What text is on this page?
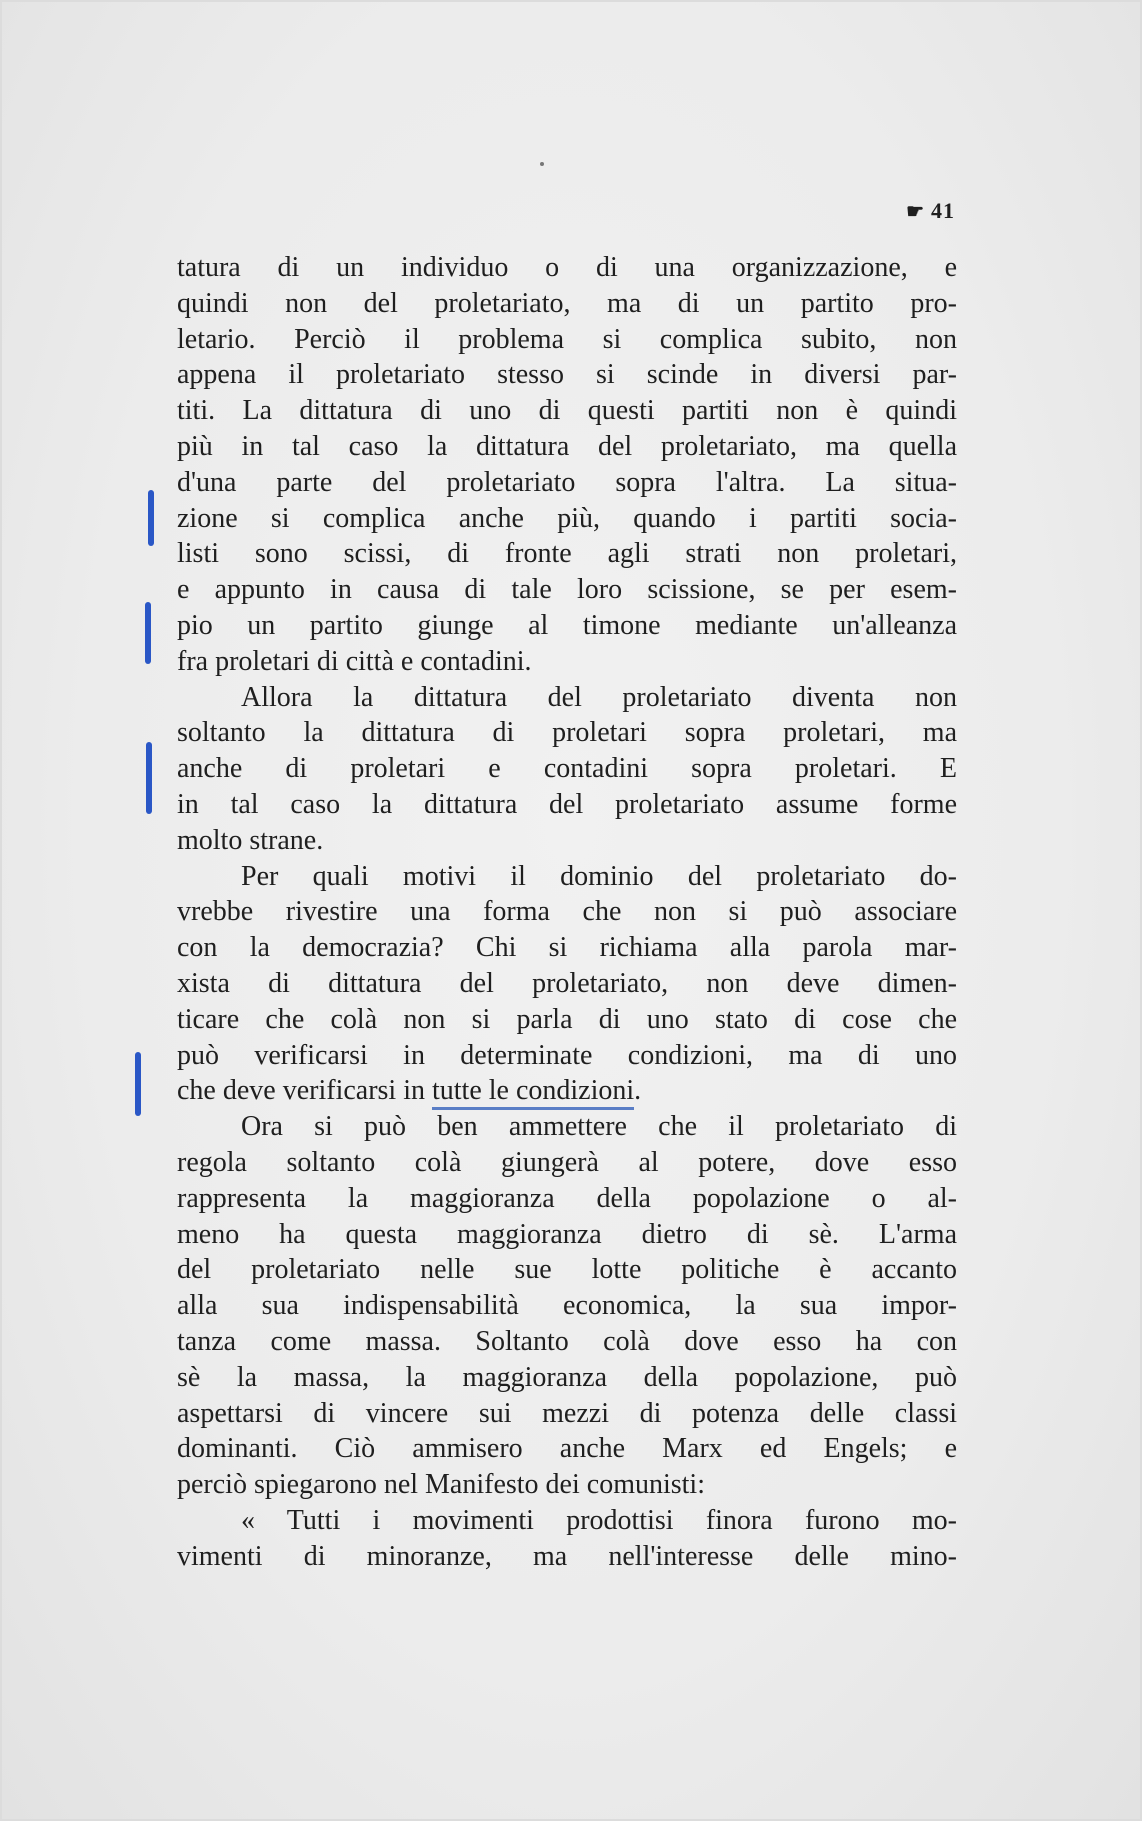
☛ 41
tatura di un individuo o di una organizzazione, e
quindi non del proletariato, ma di un partito pro-
letario. Perciò il problema si complica subito, non
appena il proletariato stesso si scinde in diversi par-
titi. La dittatura di uno di questi partiti non è quindi
più in tal caso la dittatura del proletariato, ma quella
d'una parte del proletariato sopra l'altra. La situa-
zione si complica anche più, quando i partiti socia-
listi sono scissi, di fronte agli strati non proletari,
e appunto in causa di tale loro scissione, se per esem-
pio un partito giunge al timone mediante un'alleanza
fra proletari di città e contadini.
Allora la dittatura del proletariato diventa non
soltanto la dittatura di proletari sopra proletari, ma
anche di proletari e contadini sopra proletari. E
in tal caso la dittatura del proletariato assume forme
molto strane.
Per quali motivi il dominio del proletariato do-
vrebbe rivestire una forma che non si può associare
con la democrazia? Chi si richiama alla parola mar-
xista di dittatura del proletariato, non deve dimen-
ticare che colà non si parla di uno stato di cose che
può verificarsi in determinate condizioni, ma di uno
che deve verificarsi in tutte le condizioni.
Ora si può ben ammettere che il proletariato di
regola soltanto colà giungerà al potere, dove esso
rappresenta la maggioranza della popolazione o al-
meno ha questa maggioranza dietro di sè. L'arma
del proletariato nelle sue lotte politiche è accanto
alla sua indispensabilità economica, la sua impor-
tanza come massa. Soltanto colà dove esso ha con
sè la massa, la maggioranza della popolazione, può
aspettarsi di vincere sui mezzi di potenza delle classi
dominanti. Ciò ammisero anche Marx ed Engels; e
perciò spiegarono nel Manifesto dei comunisti:
« Tutti i movimenti prodottisi finora furono mo-
vimenti di minoranze, ma nell'interesse delle mino-
